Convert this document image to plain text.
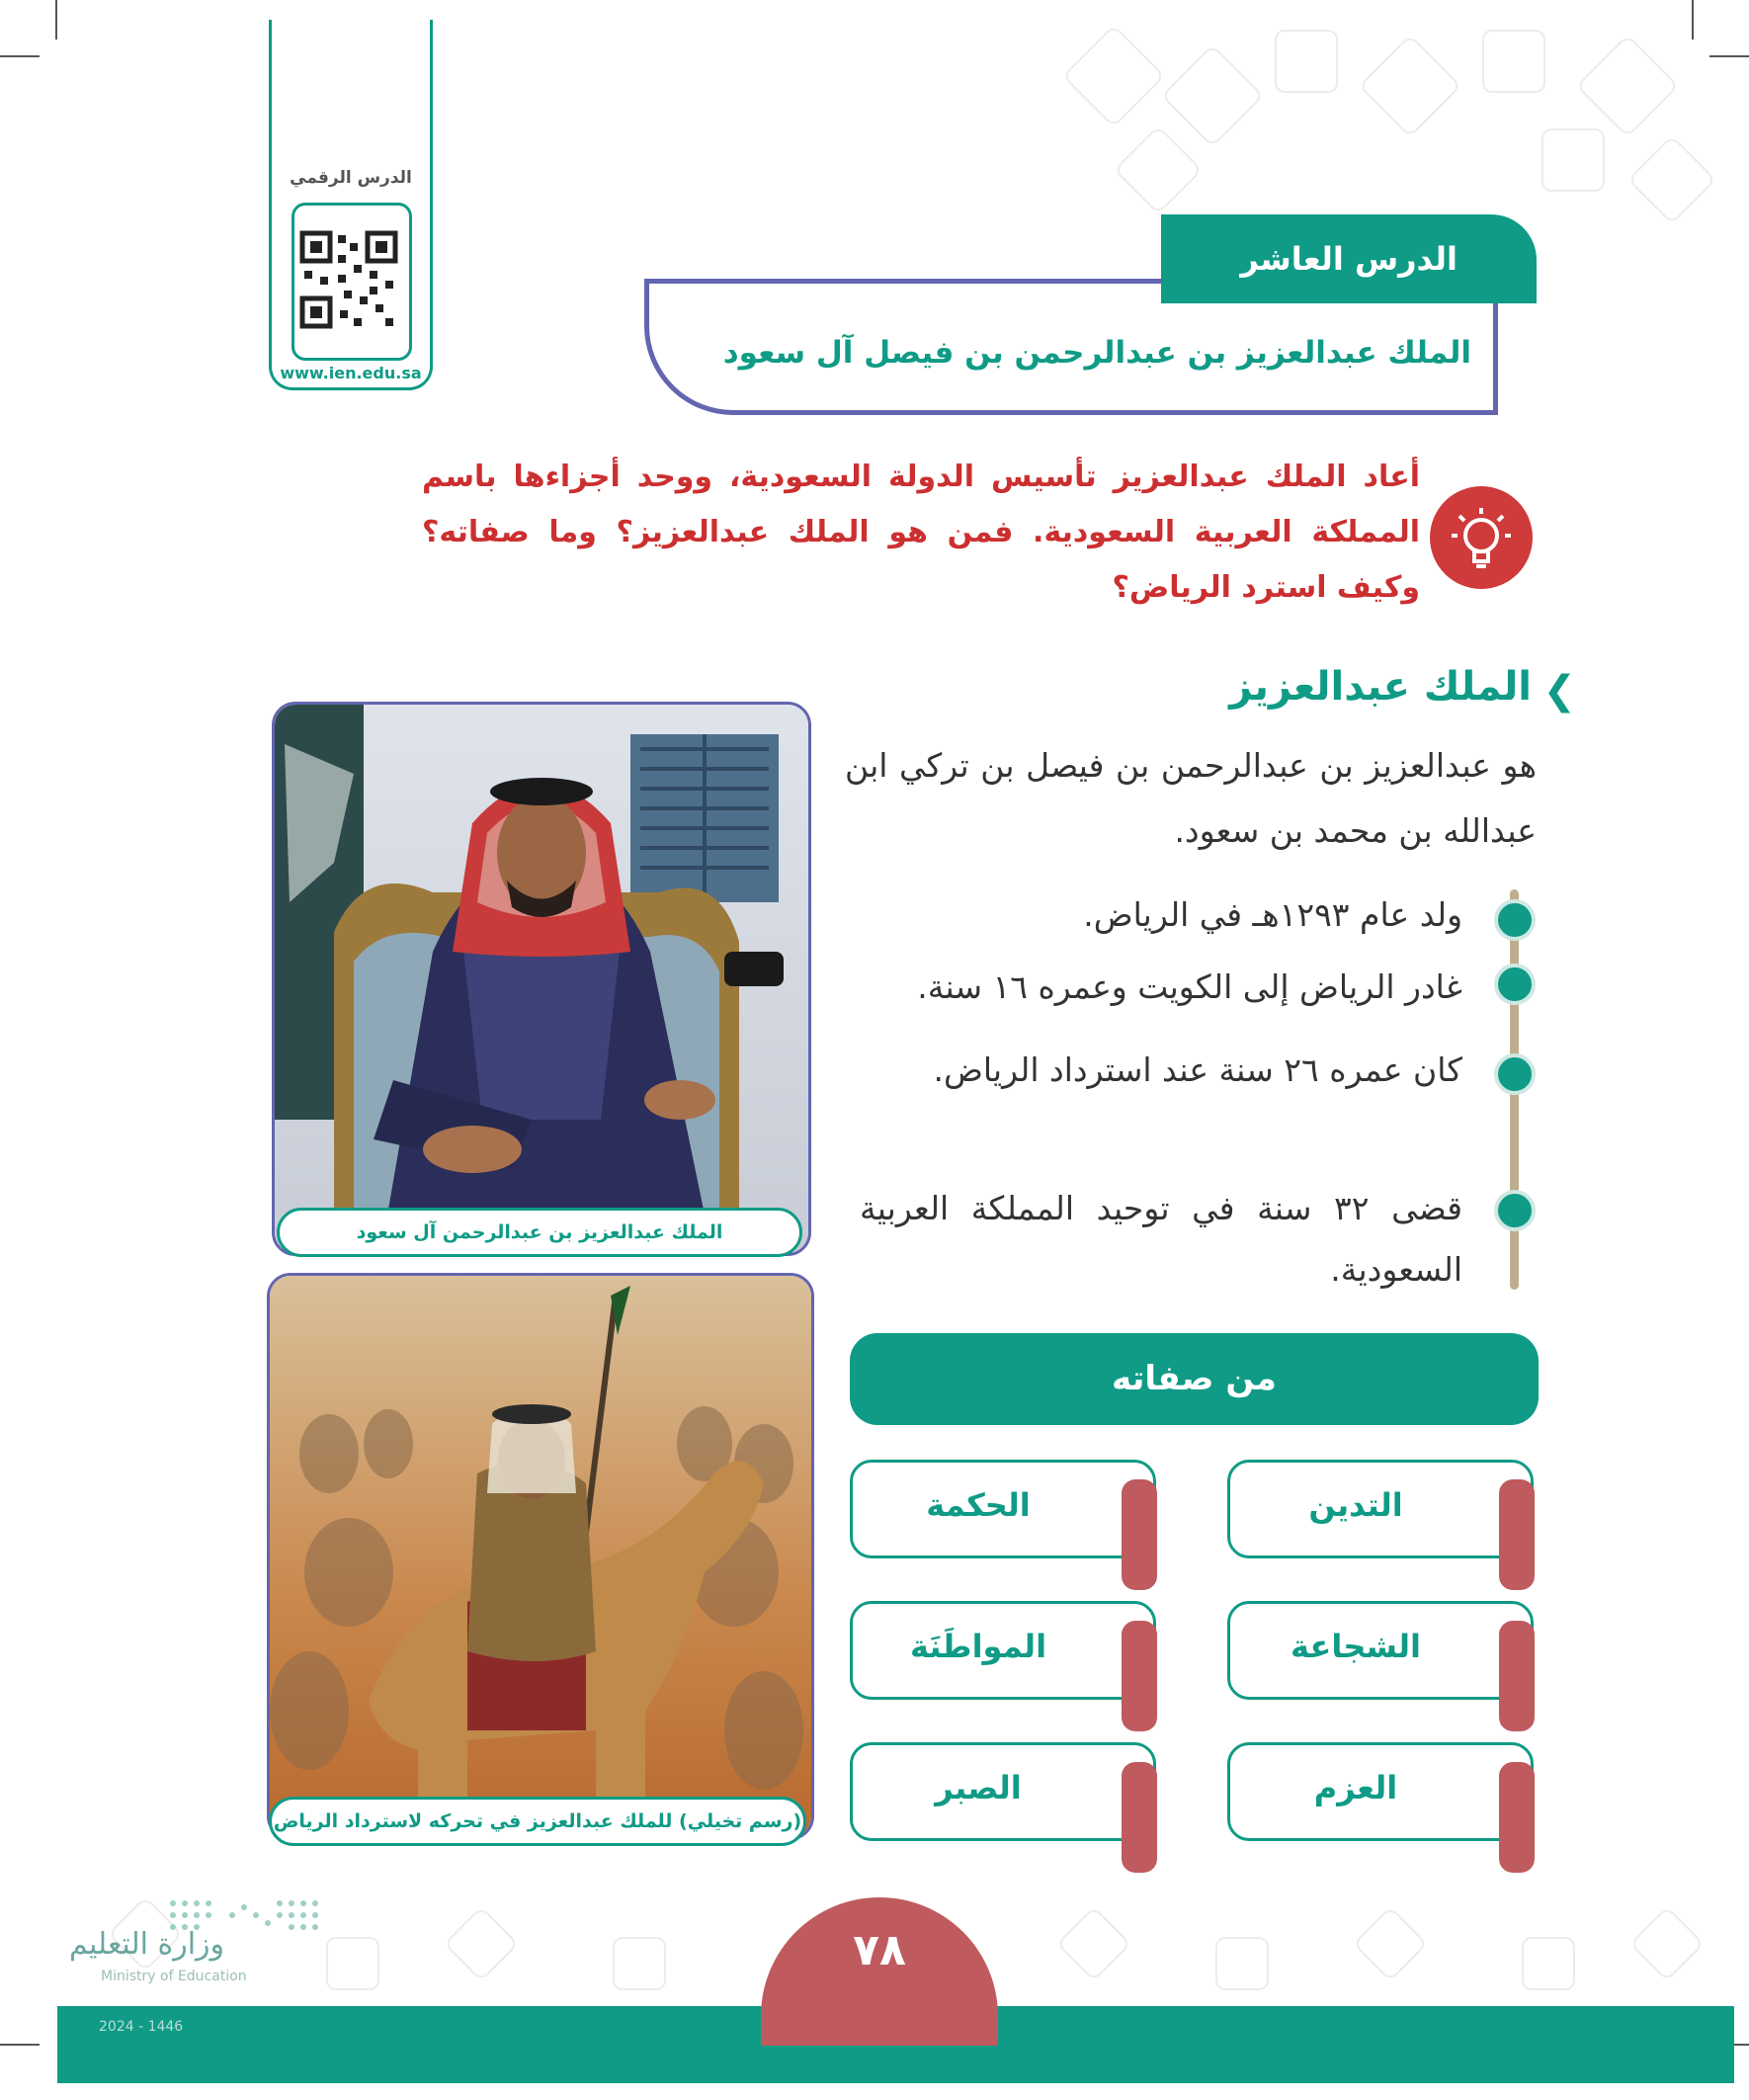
الدرس الرقمي
www.ien.edu.sa
الملك عبدالعزيز بن عبدالرحمن بن فيصل آل سعود
الدرس العاشر
أعاد الملك عبدالعزيز تأسيس الدولة السعودية، ووحد أجزاءها باسم المملكة العربية السعودية. فمن هو الملك عبدالعزيز؟ وما صفاته؟ وكيف استرد الرياض؟
❯
الملك عبدالعزيز
هو عبدالعزيز بن عبدالرحمن بن فيصل بن تركي ابن عبدالله بن محمد بن سعود.
ولد عام ١٢٩٣هـ في الرياض.
غادر الرياض إلى الكويت وعمره ١٦ سنة.
كان عمره ٢٦ سنة عند استرداد الرياض.
قضى ٣٢ سنة في توحيد المملكة العربية السعودية.
من صفاته
التدين
الحكمة
الشجاعة
المواطَنَة
العزم
الصبر
الملك عبدالعزيز بن عبدالرحمن آل سعود
(رسم تخيلي) للملك عبدالعزيز في تحركه لاسترداد الرياض
٧٨
وزارة التعليم
Ministry of Education
2024 - 1446
